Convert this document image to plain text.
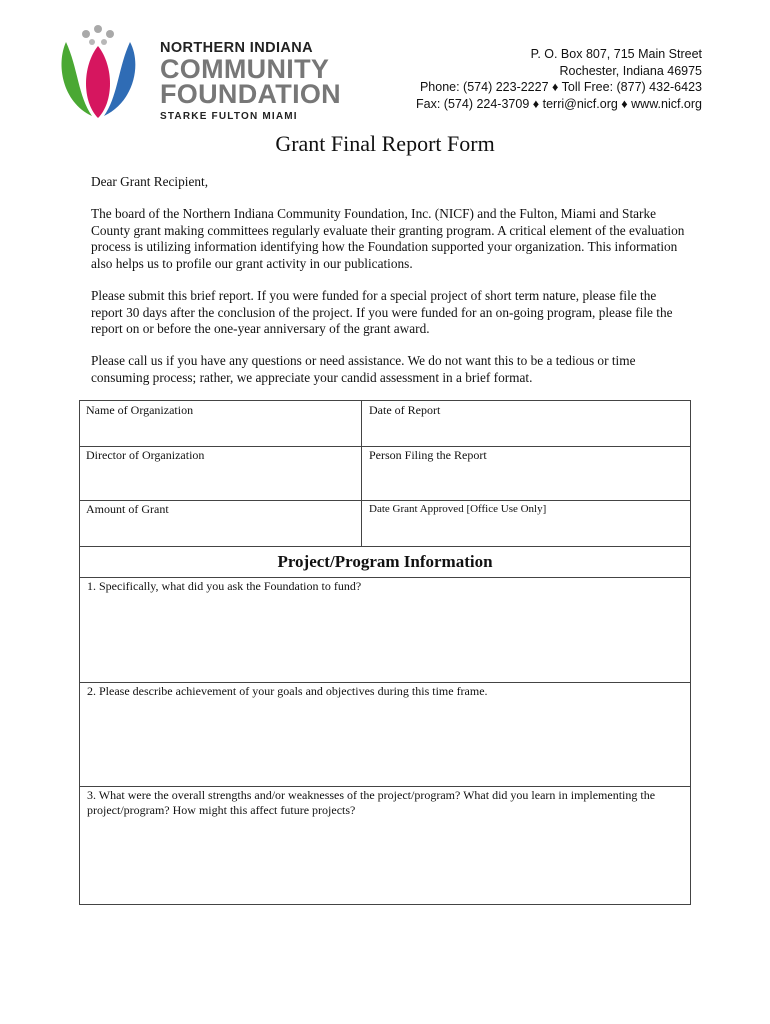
NORTHERN INDIANA
COMMUNITY
FOUNDATION
STARKE FULTON MIAMI
P. O. Box 807, 715 Main Street
Rochester, Indiana 46975
Phone: (574) 223-2227 ♦ Toll Free: (877) 432-6423
Fax: (574) 224-3709 ♦ terri@nicf.org ♦ www.nicf.org
Grant Final Report Form
Dear Grant Recipient,
The board of the Northern Indiana Community Foundation, Inc. (NICF) and the Fulton, Miami and Starke County grant making committees regularly evaluate their granting program. A critical element of the evaluation process is utilizing information identifying how the Foundation supported your organization. This information also helps us to profile our grant activity in our publications.
Please submit this brief report. If you were funded for a special project of short term nature, please file the report 30 days after the conclusion of the project. If you were funded for an on-going program, please file the report on or before the one-year anniversary of the grant award.
Please call us if you have any questions or need assistance. We do not want this to be a tedious or time consuming process; rather, we appreciate your candid assessment in a brief format.
Name of Organization	Date of Report
Director of Organization	Person Filing the Report
Amount of Grant	Date Grant Approved [Office Use Only]
Project/Program Information
1. Specifically, what did you ask the Foundation to fund?
2. Please describe achievement of your goals and objectives during this time frame.
3. What were the overall strengths and/or weaknesses of the project/program? What did you learn in implementing the project/program? How might this affect future projects?
